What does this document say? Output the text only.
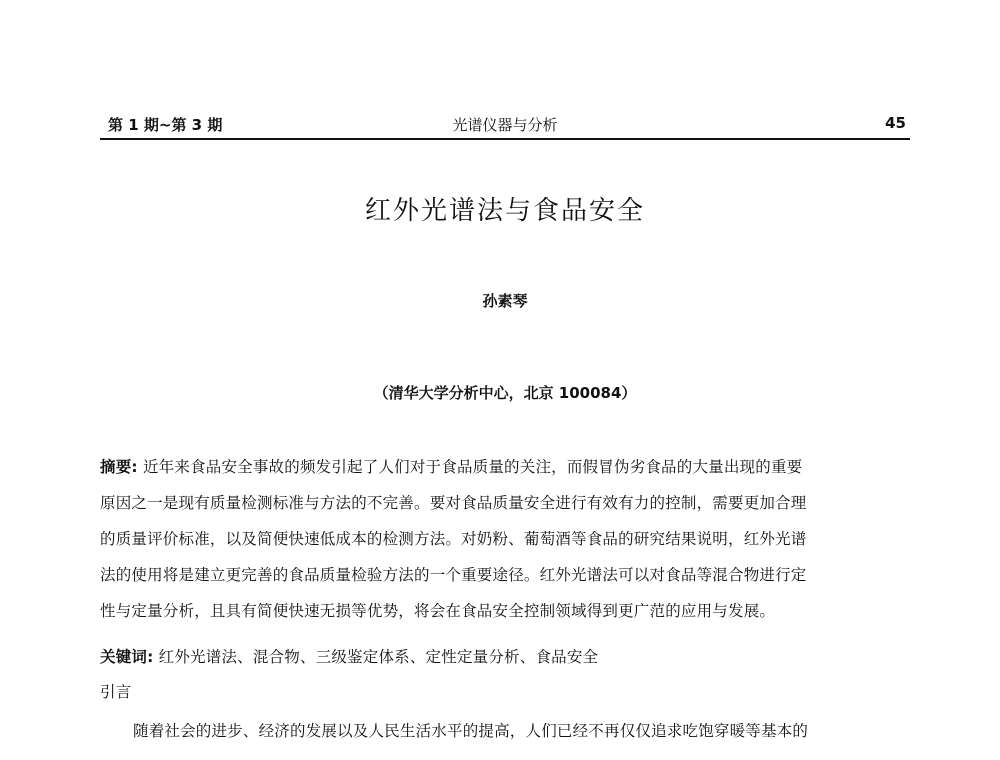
第 1 期~第 3 期	光谱仪器与分析	45
红外光谱法与食品安全
孙素琴
（清华大学分析中心，北京 100084）
摘要: 近年来食品安全事故的频发引起了人们对于食品质量的关注，而假冒伪劣食品的大量出现的重要
原因之一是现有质量检测标准与方法的不完善。要对食品质量安全进行有效有力的控制，需要更加合理
的质量评价标准，以及简便快速低成本的检测方法。对奶粉、葡萄酒等食品的研究结果说明，红外光谱
法的使用将是建立更完善的食品质量检验方法的一个重要途径。红外光谱法可以对食品等混合物进行定
性与定量分析，且具有简便快速无损等优势，将会在食品安全控制领域得到更广范的应用与发展。
关键词: 红外光谱法、混合物、三级鉴定体系、定性定量分析、食品安全
引言
随着社会的进步、经济的发展以及人民生活水平的提高，人们已经不再仅仅追求吃饱穿暖等基本的
